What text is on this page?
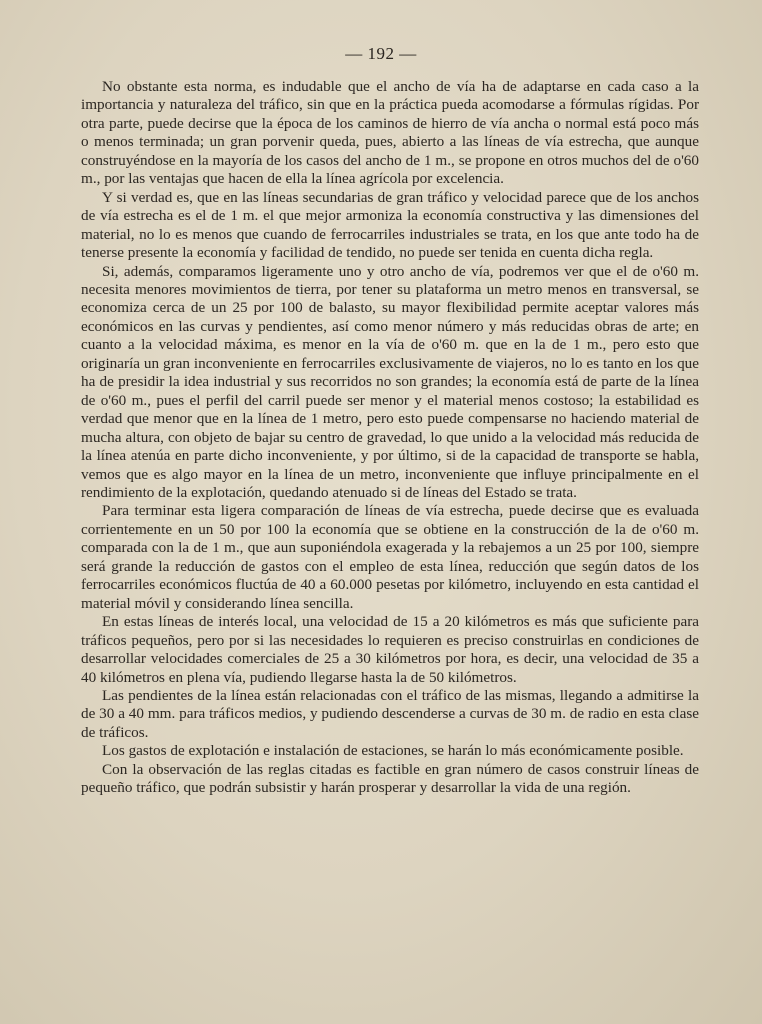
— 192 —

No obstante esta norma, es indudable que el ancho de vía ha de adaptarse en cada caso a la importancia y naturaleza del tráfico, sin que en la práctica pueda acomodarse a fórmulas rígidas. Por otra parte, puede decirse que la época de los caminos de hierro de vía ancha o normal está poco más o menos terminada; un gran porvenir queda, pues, abierto a las líneas de vía estrecha, que aunque construyéndose en la mayoría de los casos del ancho de 1 m., se propone en otros muchos del de o'60 m., por las ventajas que hacen de ella la línea agrícola por excelencia.

Y si verdad es, que en las líneas secundarias de gran tráfico y velocidad parece que de los anchos de vía estrecha es el de 1 m. el que mejor armoniza la economía constructiva y las dimensiones del material, no lo es menos que cuando de ferrocarriles industriales se trata, en los que ante todo ha de tenerse presente la economía y facilidad de tendido, no puede ser tenida en cuenta dicha regla.

Si, además, comparamos ligeramente uno y otro ancho de vía, podremos ver que el de o'60 m. necesita menores movimientos de tierra, por tener su plataforma un metro menos en transversal, se economiza cerca de un 25 por 100 de balasto, su mayor flexibilidad permite aceptar valores más económicos en las curvas y pendientes, así como menor número y más reducidas obras de arte; en cuanto a la velocidad máxima, es menor en la vía de o'60 m. que en la de 1 m., pero esto que originaría un gran inconveniente en ferrocarriles exclusivamente de viajeros, no lo es tanto en los que ha de presidir la idea industrial y sus recorridos no son grandes; la economía está de parte de la línea de o'60 m., pues el perfil del carril puede ser menor y el material menos costoso; la estabilidad es verdad que menor que en la línea de 1 metro, pero esto puede compensarse no haciendo material de mucha altura, con objeto de bajar su centro de gravedad, lo que unido a la velocidad más reducida de la línea atenúa en parte dicho inconveniente, y por último, si de la capacidad de transporte se habla, vemos que es algo mayor en la línea de un metro, inconveniente que influye principalmente en el rendimiento de la explotación, quedando atenuado si de líneas del Estado se trata.

Para terminar esta ligera comparación de líneas de vía estrecha, puede decirse que es evaluada corrientemente en un 50 por 100 la economía que se obtiene en la construcción de la de o'60 m. comparada con la de 1 m., que aun suponiéndola exagerada y la rebajemos a un 25 por 100, siempre será grande la reducción de gastos con el empleo de esta línea, reducción que según datos de los ferrocarriles económicos fluctúa de 40 a 60.000 pesetas por kilómetro, incluyendo en esta cantidad el material móvil y considerando línea sencilla.

En estas líneas de interés local, una velocidad de 15 a 20 kilómetros es más que suficiente para tráficos pequeños, pero por si las necesidades lo requieren es preciso construirlas en condiciones de desarrollar velocidades comerciales de 25 a 30 kilómetros por hora, es decir, una velocidad de 35 a 40 kilómetros en plena vía, pudiendo llegarse hasta la de 50 kilómetros.

Las pendientes de la línea están relacionadas con el tráfico de las mismas, llegando a admitirse la de 30 a 40 mm. para tráficos medios, y pudiendo descenderse a curvas de 30 m. de radio en esta clase de tráficos.

Los gastos de explotación e instalación de estaciones, se harán lo más económicamente posible.

Con la observación de las reglas citadas es factible en gran número de casos construir líneas de pequeño tráfico, que podrán subsistir y harán prosperar y desarrollar la vida de una región.
